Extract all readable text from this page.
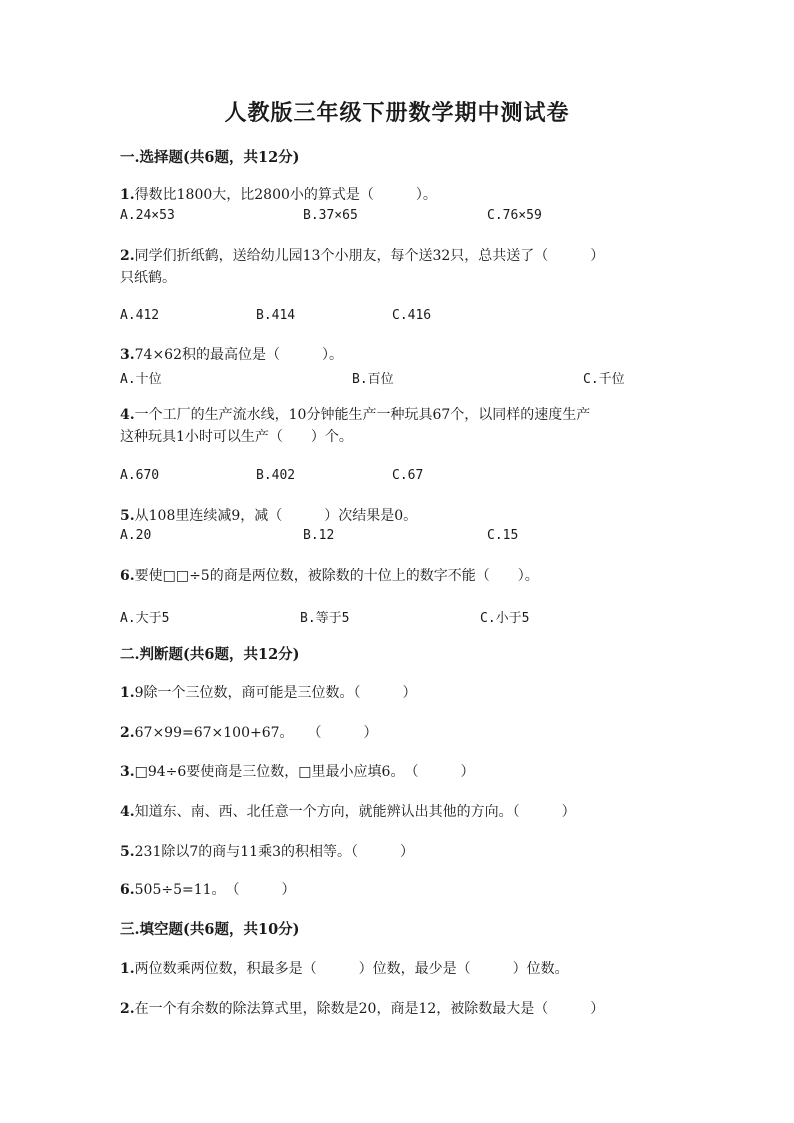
人教版三年级下册数学期中测试卷
一.选择题(共6题，共12分)
1.得数比1800大，比2800小的算式是（　　　）。
A.24×53	B.37×65	C.76×59
2.同学们折纸鹤，送给幼儿园13个小朋友，每个送32只，总共送了（　　　）
只纸鹤。
A.412	B.414	C.416
3.74×62积的最高位是（　　　）。
A.十位	B.百位	C.千位
4.一个工厂的生产流水线，10分钟能生产一种玩具67个，以同样的速度生产
这种玩具1小时可以生产（　　）个。
A.670	B.402	C.67
5.从108里连续减9，减（　　　）次结果是0。
A.20	B.12	C.15
6.要使□□÷5的商是两位数，被除数的十位上的数字不能（　　）。
A.大于5	B.等于5	C.小于5
二.判断题(共6题，共12分)
1.9除一个三位数，商可能是三位数。（　　　）
2.67×99=67×100+67。　　（　　　）
3.□94÷6要使商是三位数，□里最小应填6。　（　　　）
4.知道东、南、西、北任意一个方向，就能辨认出其他的方向。（　　　）
5.231除以7的商与11乘3的积相等。（　　　）
6.505÷5=11。　（　　　）
三.填空题(共6题，共10分)
1.两位数乘两位数，积最多是（　　　）位数，最少是（　　　）位数。
2.在一个有余数的除法算式里，除数是20，商是12，被除数最大是（　　　）
